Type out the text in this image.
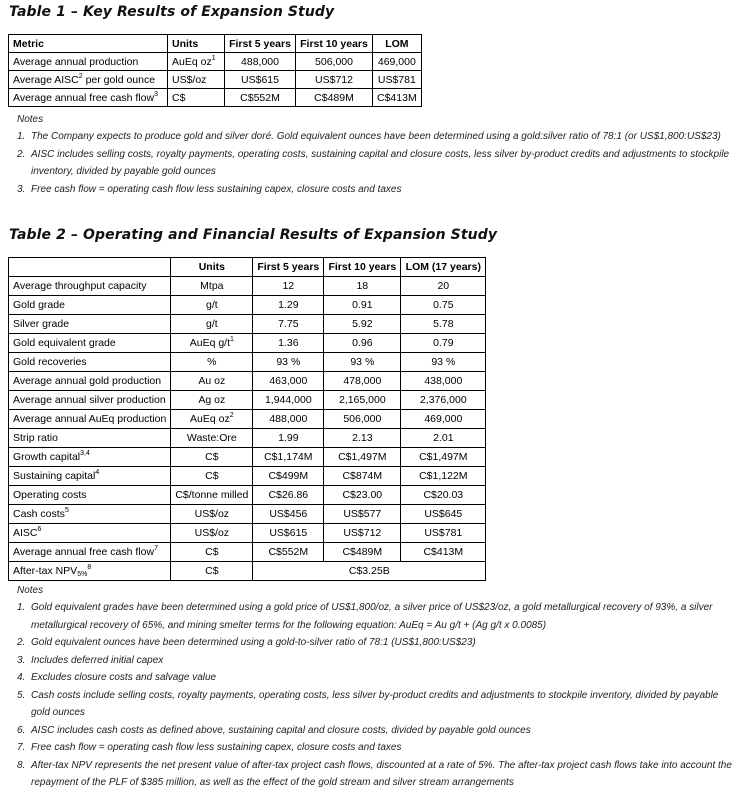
Table 1 – Key Results of Expansion Study
Metric	Units	First 5 years	First 10 years	LOM
Average annual production	AuEq $oz^1$	488,000	506,000	469,000
Average AISC$^2$ per gold ounce	US$/oz	US$615	US$712	US$781
Average annual free cash flow$^3$	C$	C$552M	C$489M	C$413M
Notes
1. The Company expects to produce gold and silver doré. Gold equivalent ounces have been determined using a gold:silver ratio of 78:1 (or US$1,800:US$23)
2. AISC includes selling costs, royalty payments, operating costs, sustaining capital and closure costs, less silver by-product credits and adjustments to stockpile inventory, divided by payable gold ounces
3. Free cash flow = operating cash flow less sustaining capex, closure costs and taxes
Table 2 – Operating and Financial Results of Expansion Study
	Units	First 5 years	First 10 years	LOM (17 years)
Average throughput capacity	Mtpa	12	18	20
Gold grade	g/t	1.29	0.91	0.75
Silver grade	g/t	7.75	5.92	5.78
Gold equivalent grade	AuEq $g/t^1$	1.36	0.96	0.79
Gold recoveries	%	93 %	93 %	93 %
Average annual gold production	Au oz	463,000	478,000	438,000
Average annual silver production	Ag oz	1,944,000	2,165,000	2,376,000
Average annual AuEq production	AuEq $oz^2$	488,000	506,000	469,000
Strip ratio	Waste:Ore	1.99	2.13	2.01
Growth capital$^{3,4}$	C$	C$1,174M	C$1,497M	C$1,497M
Sustaining capital$^4$	C$	C$499M	C$874M	C$1,122M
Operating costs	C$/tonne milled	C$26.86	C$23.00	C$20.03
Cash costs$^5$	US$/oz	US$456	US$577	US$645
AISC$^6$	US$/oz	US$615	US$712	US$781
Average annual free cash flow$^7$	C$	C$552M	C$489M	C$413M
After-tax $NPV_{5\%}^8$	C$	C$3.25B		
Notes
1. Gold equivalent grades have been determined using a gold price of US$1,800/oz, a silver price of US$23/oz, a gold metallurgical recovery of 93%, a silver metallurgical recovery of 65%, and mining smelter terms for the following equation: AuEq = Au g/t + (Ag g/t x 0.0085)
2. Gold equivalent ounces have been determined using a gold-to-silver ratio of 78:1 (US$1,800:US$23)
3. Includes deferred initial capex
4. Excludes closure costs and salvage value
5. Cash costs include selling costs, royalty payments, operating costs, less silver by-product credits and adjustments to stockpile inventory, divided by payable gold ounces
6. AISC includes cash costs as defined above, sustaining capital and closure costs, divided by payable gold ounces
7. Free cash flow = operating cash flow less sustaining capex, closure costs and taxes
8. After-tax NPV represents the net present value of after-tax project cash flows, discounted at a rate of 5%. The after-tax project cash flows take into account the repayment of the PLF of $385 million, as well as the effect of the gold stream and silver stream arrangements
